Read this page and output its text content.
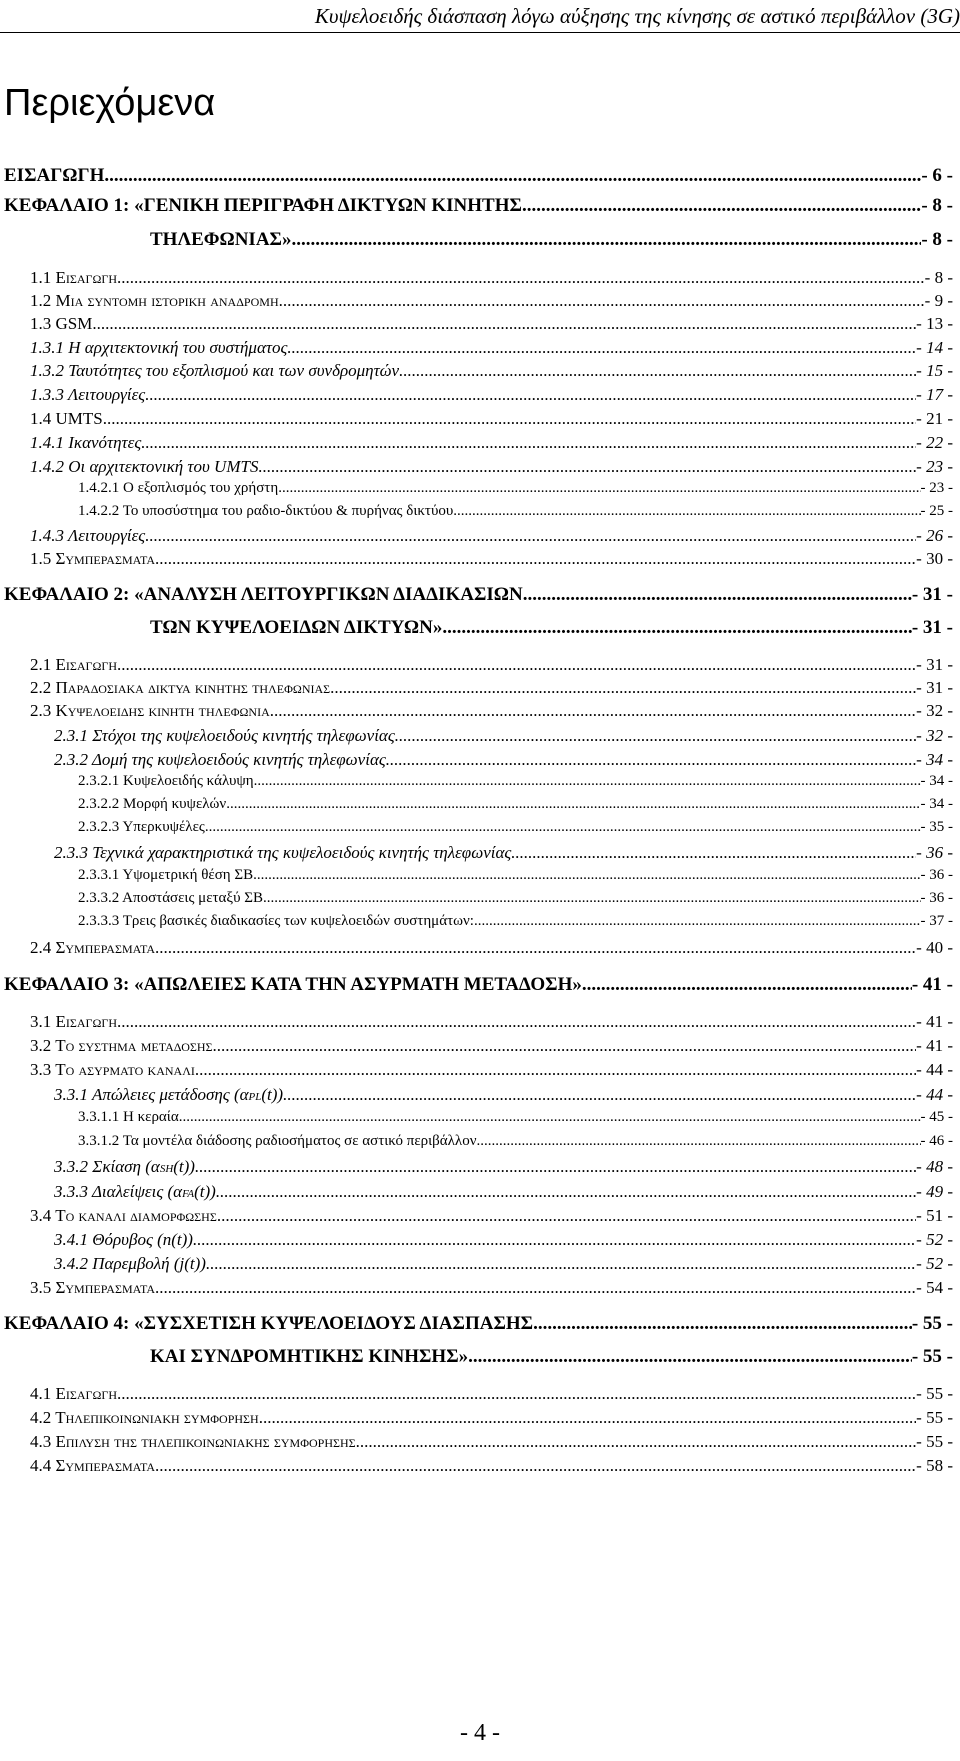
Κυψελοειδής διάσπαση λόγω αύξησης της κίνησης σε αστικό περιβάλλον (3G)
Περιεχόμενα
ΕΙΣΑΓΩΓΗ .....	- 6 -
ΚΕΦΑΛΑΙΟ 1: «ΓΕΝΙΚΗ ΠΕΡΙΓΡΑΦΗ ΔΙΚΤΥΩΝ ΚΙΝΗΤΗΣ .....	- 8 -
ΤΗΛΕΦΩΝΙΑΣ» .....	- 8 -
1.1 Εισαγωγη .....	- 8 -
1.2 Μια συντομη ιστορικη αναδρομη .....	- 9 -
1.3 GSM .....	- 13 -
1.3.1 Η αρχιτεκτονική του συστήματος .....	- 14 -
1.3.2 Ταυτότητες του εξοπλισμού και των συνδρομητών .....	- 15 -
1.3.3 Λειτουργίες .....	- 17 -
1.4 UMTS .....	- 21 -
1.4.1 Ικανότητες .....	- 22 -
1.4.2 Οι αρχιτεκτονική του UMTS .....	- 23 -
1.4.2.1 Ο εξοπλισμός του χρήστη .....	- 23 -
1.4.2.2 Το υποσύστημα του ραδιο-δικτύου & πυρήνας δικτύου .....	- 25 -
1.4.3 Λειτουργίες .....	- 26 -
1.5 Συμπερασματα .....	- 30 -
ΚΕΦΑΛΑΙΟ 2: «ΑΝΑΛΥΣΗ ΛΕΙΤΟΥΡΓΙΚΩΝ ΔΙΑΔΙΚΑΣΙΩΝ .....	- 31 -
ΤΩΝ ΚΥΨΕΛΟΕΙΔΩΝ ΔΙΚΤΥΩΝ» .....	- 31 -
2.1 Εισαγωγη .....	- 31 -
2.2 Παραδοσιακα δικτυα κινητης τηλεφωνιας .....	- 31 -
2.3 Κυψελοειδης κινητη τηλεφωνια .....	- 32 -
2.3.1 Στόχοι της κυψελοειδούς κινητής τηλεφωνίας .....	- 32 -
2.3.2 Δομή της κυψελοειδούς κινητής τηλεφωνίας .....	- 34 -
2.3.2.1 Κυψελοειδής κάλυψη .....	- 34 -
2.3.2.2 Μορφή κυψελών .....	- 34 -
2.3.2.3 Υπερκυψέλες .....	- 35 -
2.3.3 Τεχνικά χαρακτηριστικά της κυψελοειδούς κινητής τηλεφωνίας .....	- 36 -
2.3.3.1 Υψομετρική θέση ΣΒ .....	- 36 -
2.3.3.2 Αποστάσεις μεταξύ ΣΒ .....	- 36 -
2.3.3.3 Τρεις βασικές διαδικασίες των κυψελοειδών συστημάτων: .....	- 37 -
2.4 Συμπερασματα .....	- 40 -
ΚΕΦΑΛΑΙΟ 3: «ΑΠΩΛΕΙΕΣ ΚΑΤΑ ΤΗΝ ΑΣΥΡΜΑΤΗ ΜΕΤΑΔΟΣΗ» .....	- 41 -
3.1 Εισαγωγη .....	- 41 -
3.2 Το συστημα μεταδοσης .....	- 41 -
3.3 Το ασυρματο καναλι .....	- 44 -
3.3.1 Απώλειες μετάδοσης (α PL (t)) .....	- 44 -
3.3.1.1 Η κεραία .....	- 45 -
3.3.1.2 Τα μοντέλα διάδοσης ραδιοσήματος σε αστικό περιβάλλον .....	- 46 -
3.3.2 Σκίαση (α SH (t)) .....	- 48 -
3.3.3 Διαλείψεις (α FA (t)) .....	- 49 -
3.4 Το καναλι διαμορφωσης .....	- 51 -
3.4.1 Θόρυβος (n(t)) .....	- 52 -
3.4.2 Παρεμβολή (j(t)) .....	- 52 -
3.5 Συμπερασματα .....	- 54 -
ΚΕΦΑΛΑΙΟ 4: «ΣΥΣΧΕΤΙΣΗ ΚΥΨΕΛΟΕΙΔΟΥΣ ΔΙΑΣΠΑΣΗΣ .....	- 55 -
ΚΑΙ ΣΥΝΔΡΟΜΗΤΙΚΗΣ ΚΙΝΗΣΗΣ» .....	- 55 -
4.1 Εισαγωγη .....	- 55 -
4.2 Τηλεπικοινωνιακη συμφορηση .....	- 55 -
4.3 Επιλυση της τηλεπικοινωνιακης συμφορησης .....	- 55 -
4.4 Συμπερασματα .....	- 58 -
- 4 -
